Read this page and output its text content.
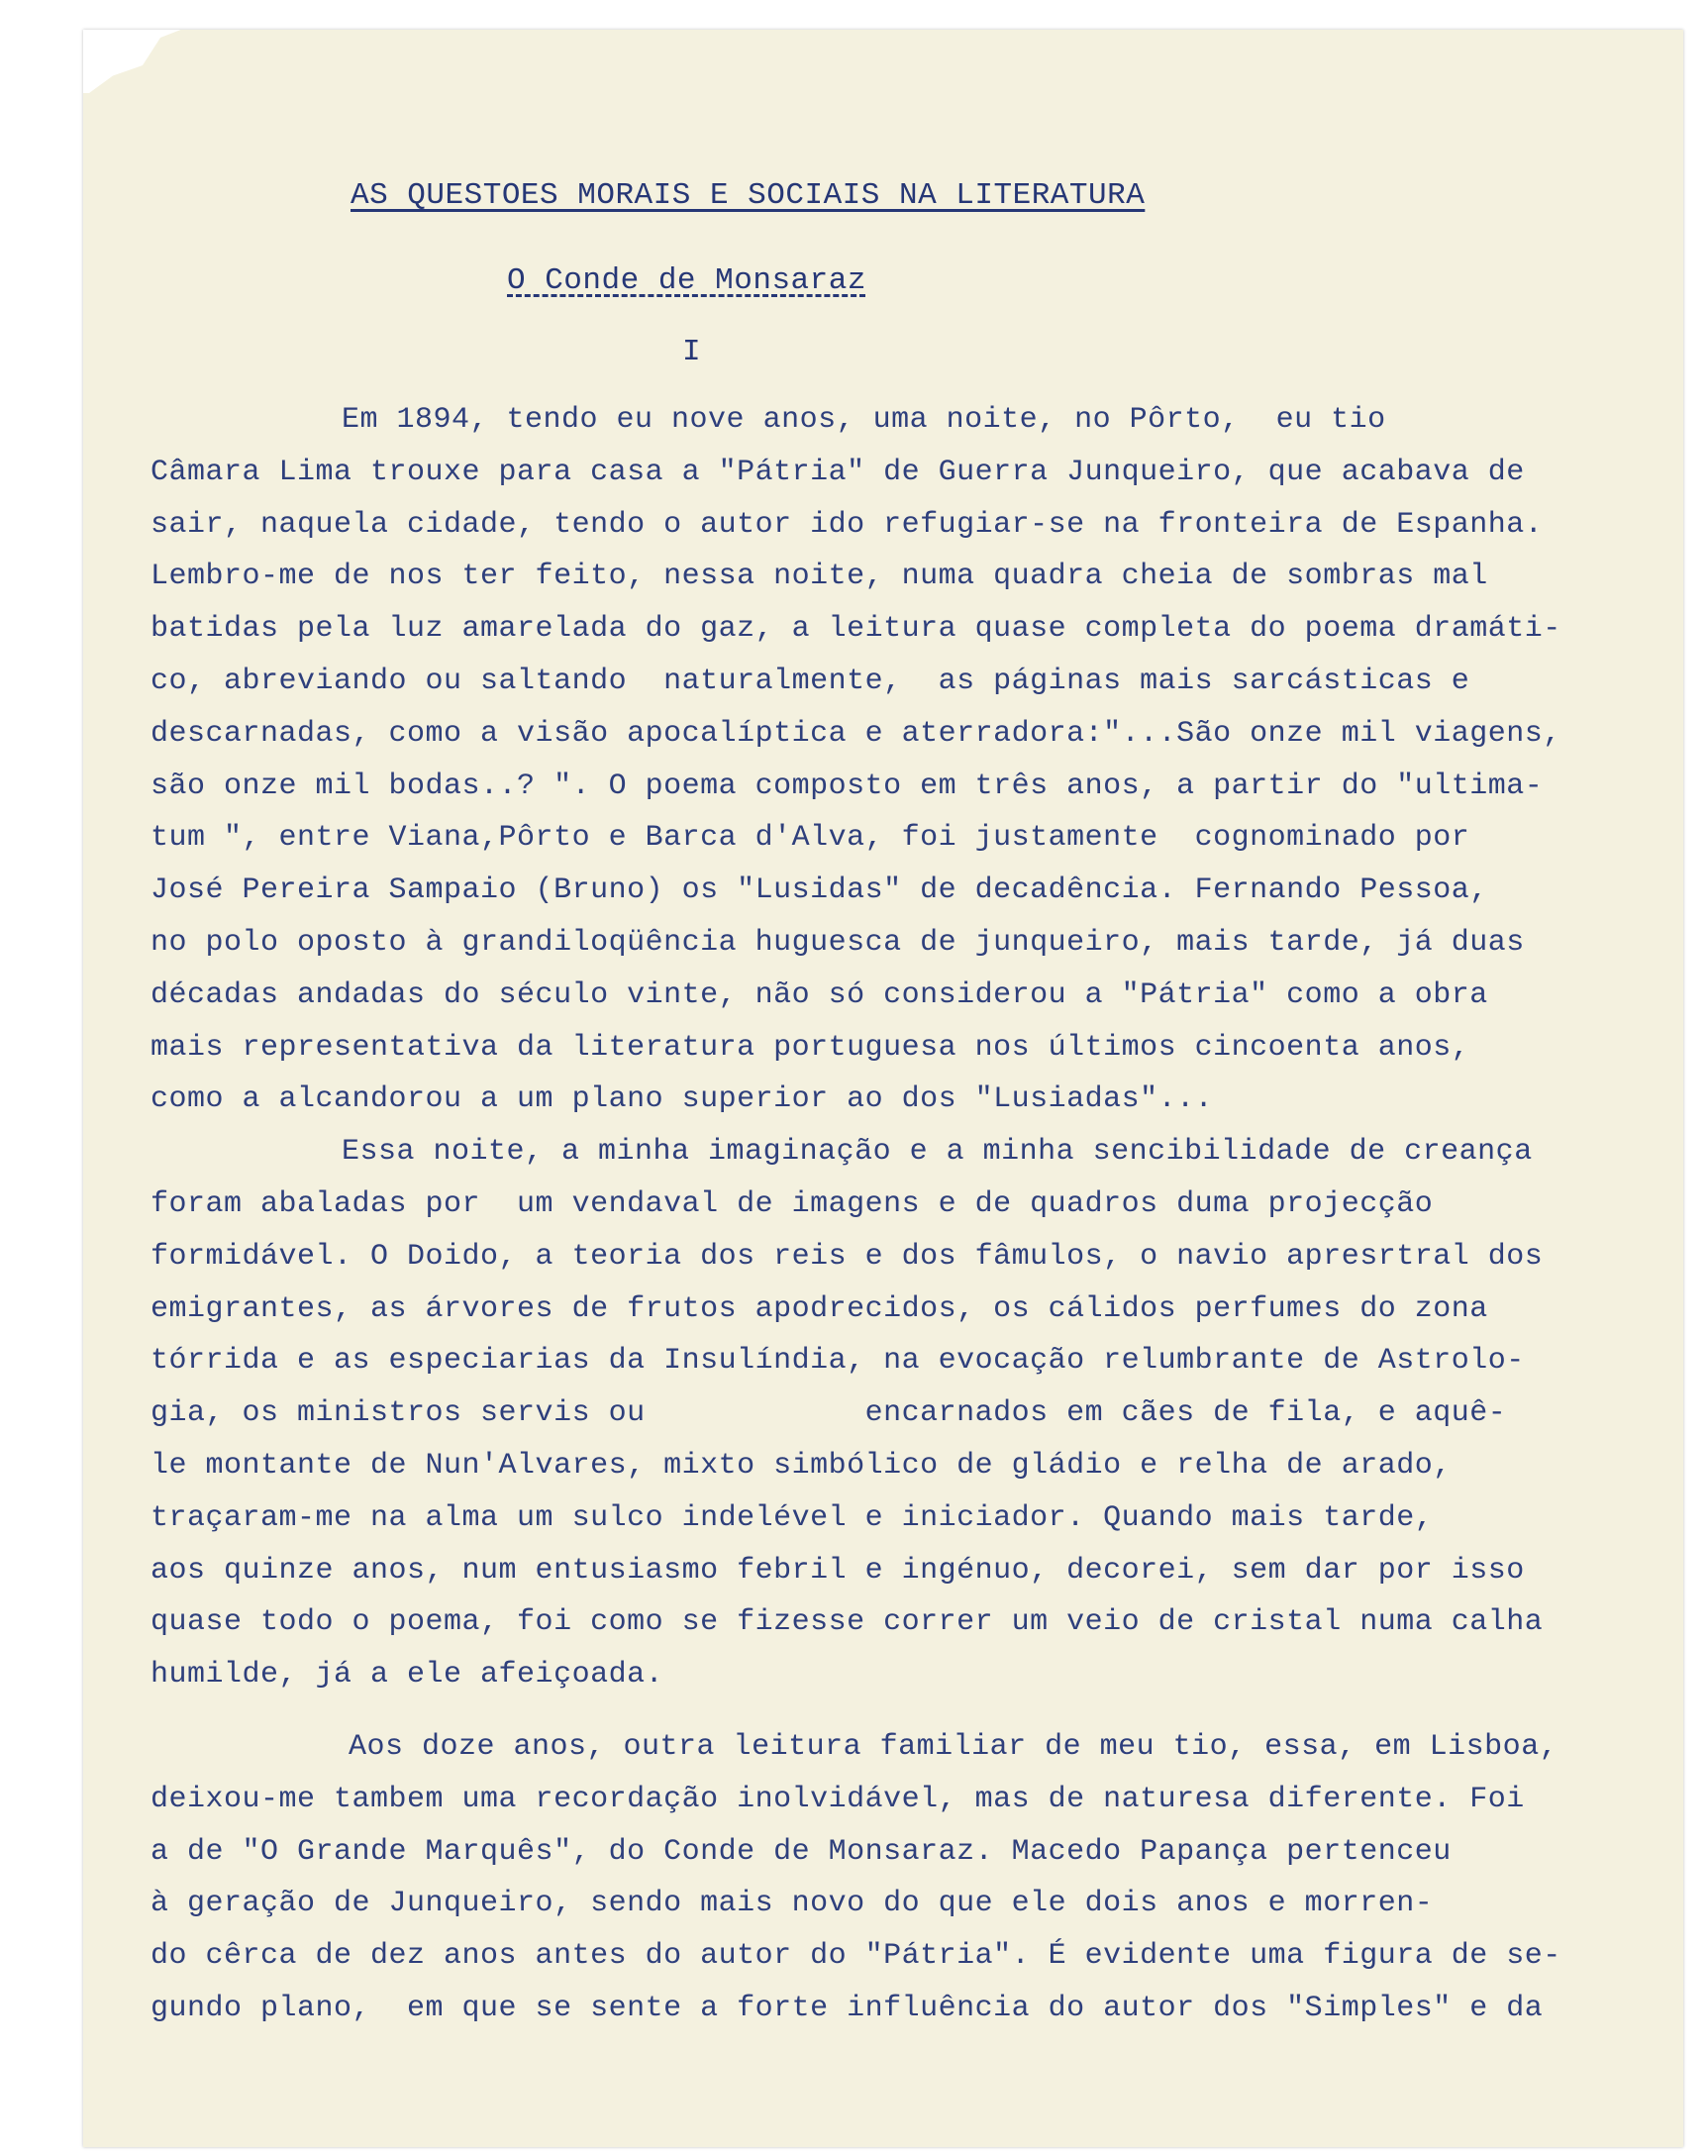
AS QUESTOES MORAIS E SOCIAIS NA LITERATURA
O Conde de Monsaraz
I
Em 1894, tendo eu nove anos, uma noite, no Pôrto,  eu tio
Câmara Lima trouxe para casa a "Pátria" de Guerra Junqueiro, que acabava de
sair, naquela cidade, tendo o autor ido refugiar-se na fronteira de Espanha.
Lembro-me de nos ter feito, nessa noite, numa quadra cheia de sombras mal
batidas pela luz amarelada do gaz, a leitura quase completa do poema dramáti-
co, abreviando ou saltando  naturalmente,  as páginas mais sarcásticas e
descarnadas, como a visão apocalíptica e aterradora:"...São onze mil viagens,
são onze mil bodas..? ". O poema composto em três anos, a partir do "ultima-
tum ", entre Viana,Pôrto e Barca d'Alva, foi justamente  cognominado por
José Pereira Sampaio (Bruno) os "Lusidas" de decadência. Fernando Pessoa,
no polo oposto à grandiloqüência huguesca de junqueiro, mais tarde, já duas
décadas andadas do século vinte, não só considerou a "Pátria" como a obra
mais representativa da literatura portuguesa nos últimos cincoenta anos,
como a alcandorou a um plano superior ao dos "Lusiadas"...
Essa noite, a minha imaginação e a minha sencibilidade de creança
foram abaladas por  um vendaval de imagens e de quadros duma projecção
formidável. O Doido, a teoria dos reis e dos fâmulos, o navio apresrtral dos
emigrantes, as árvores de frutos apodrecidos, os cálidos perfumes do zona
tórrida e as especiarias da Insulíndia, na evocação relumbrante de Astrolo-
gia, os ministros servis ou            encarnados em cães de fila, e aquê-
le montante de Nun'Alvares, mixto simbólico de gládio e relha de arado,
traçaram-me na alma um sulco indelével e iniciador. Quando mais tarde,
aos quinze anos, num entusiasmo febril e ingénuo, decorei, sem dar por isso
quase todo o poema, foi como se fizesse correr um veio de cristal numa calha
humilde, já a ele afeiçoada.
Aos doze anos, outra leitura familiar de meu tio, essa, em Lisboa,
deixou-me tambem uma recordação inolvidável, mas de naturesa diferente. Foi
a de "O Grande Marquês", do Conde de Monsaraz. Macedo Papança pertenceu
à geração de Junqueiro, sendo mais novo do que ele dois anos e morren-
do cêrca de dez anos antes do autor do "Pátria". É evidente uma figura de se-
gundo plano,  em que se sente a forte influência do autor dos "Simples" e da
